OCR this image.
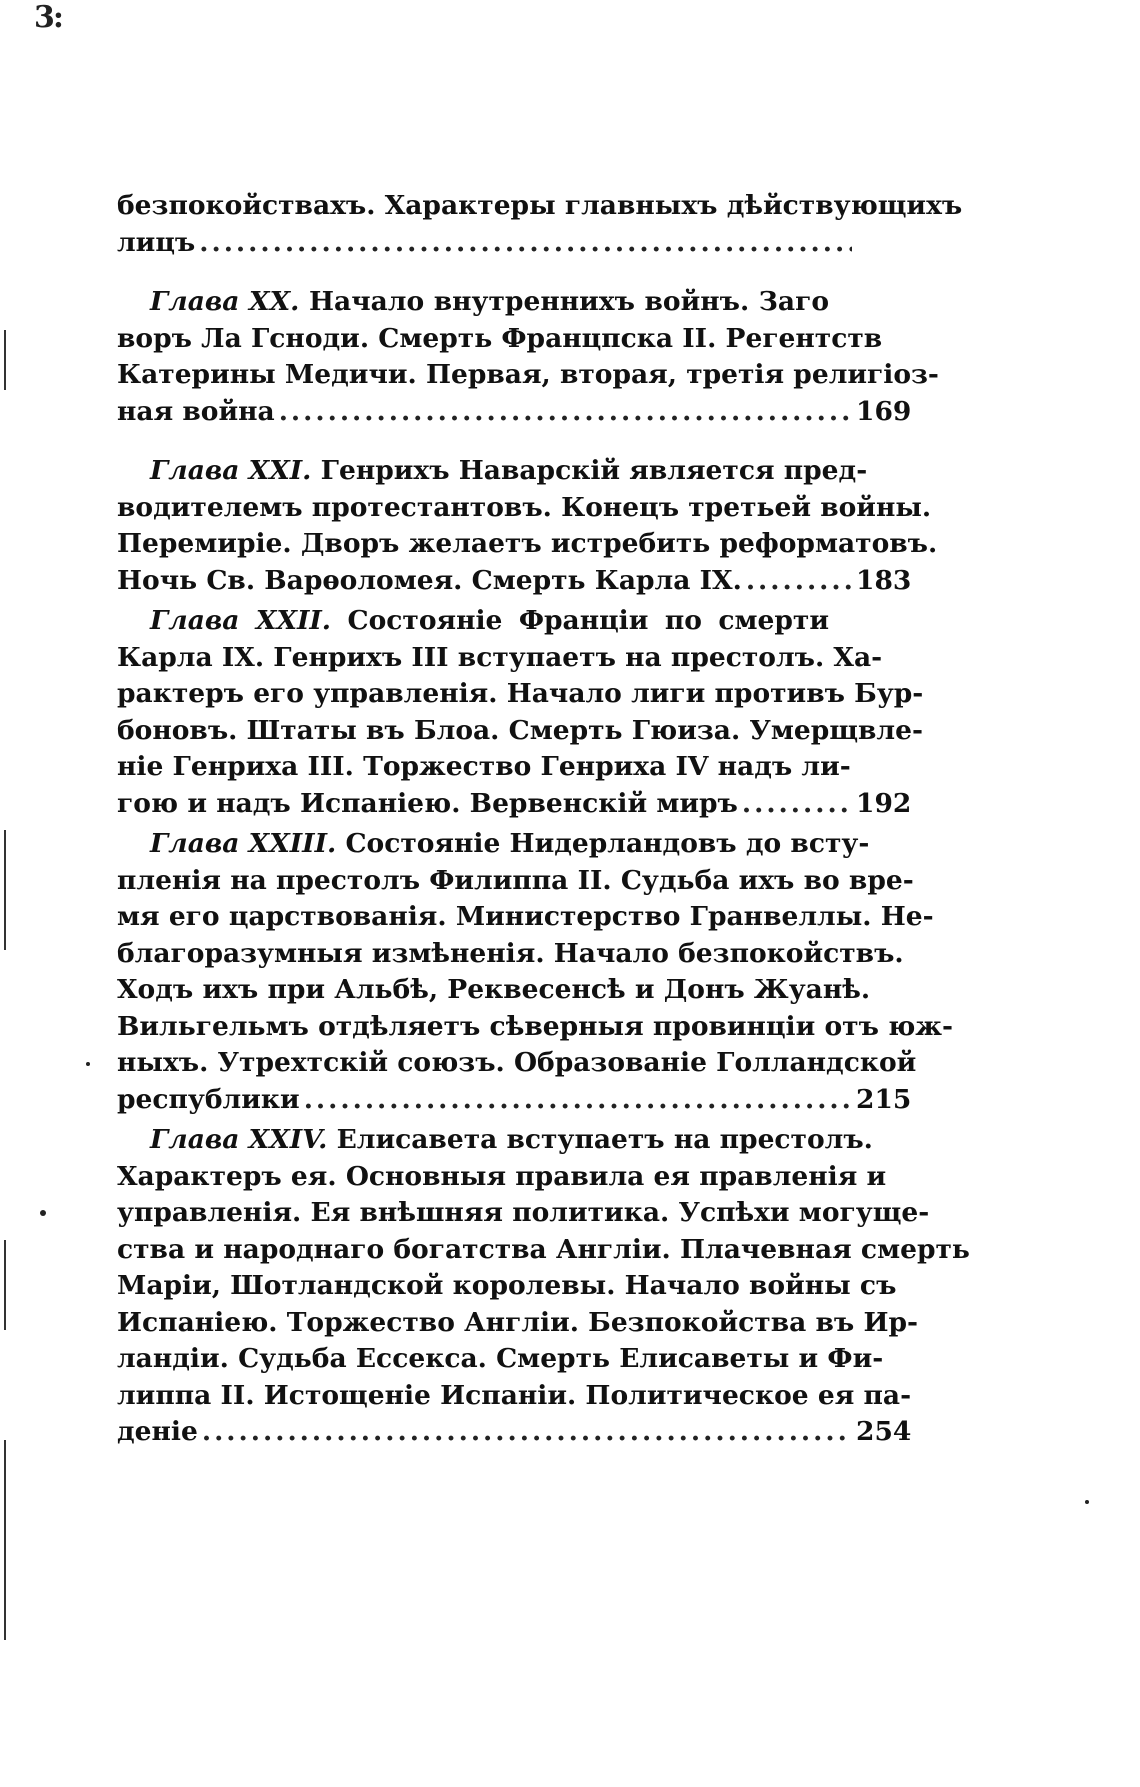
3:
безпокойствахъ. Характеры главныхъ дѣйствующихъ
лицъ
.....
Глава XX. Начало внутреннихъ войнъ. Заго
воръ Ла Гсноди. Смерть Францпска II. Регентств
Катерины Медичи. Первая, вторая, третія религіоз-
ная война .....	169
Глава XXI. Генрихъ Наварскій является пред-
водителемъ протестантовъ. Конецъ третьей войны.
Перемиріе. Дворъ желаетъ истребить реформатовъ.
Ночь Св. Варѳоломея. Смерть Карла IX. .....	183
Глава XXII. Состояніе Франціи по смерти
Карла IX. Генрихъ III вступаетъ на престолъ. Ха-
рактеръ его управленія. Начало лиги противъ Бур-
боновъ. Штаты въ Блоа. Смерть Гюиза. Умерщвле-
ніе Генриха III. Торжество Генриха IV надъ ли-
гою и надъ Испаніею. Вервенскій миръ .....	192
Глава XXIII. Состояніе Нидерландовъ до всту-
пленія на престолъ Филиппа II. Судьба ихъ во вре-
мя его царствованія. Министерство Гранвеллы. Не-
благоразумныя измѣненія. Начало безпокойствъ.
Ходъ ихъ при Альбѣ, Реквесенсѣ и Донъ Жуанѣ.
Вильгельмъ отдѣляетъ сѣверныя провинціи отъ юж-
ныхъ. Утрехтскій союзъ. Образованіе Голландской
республики .....	215
Глава XXIV. Елисавета вступаетъ на престолъ.
Характеръ ея. Основныя правила ея правленія и
управленія. Ея внѣшняя политика. Успѣхи могуще-
ства и народнаго богатства Англіи. Плачевная смерть
Маріи, Шотландской королевы. Начало войны съ
Испаніею. Торжество Англіи. Безпокойства въ Ир-
ландіи. Судьба Ессекса. Смерть Елисаветы и Фи-
липпа II. Истощеніе Испаніи. Политическое ея па-
деніе .....	254
